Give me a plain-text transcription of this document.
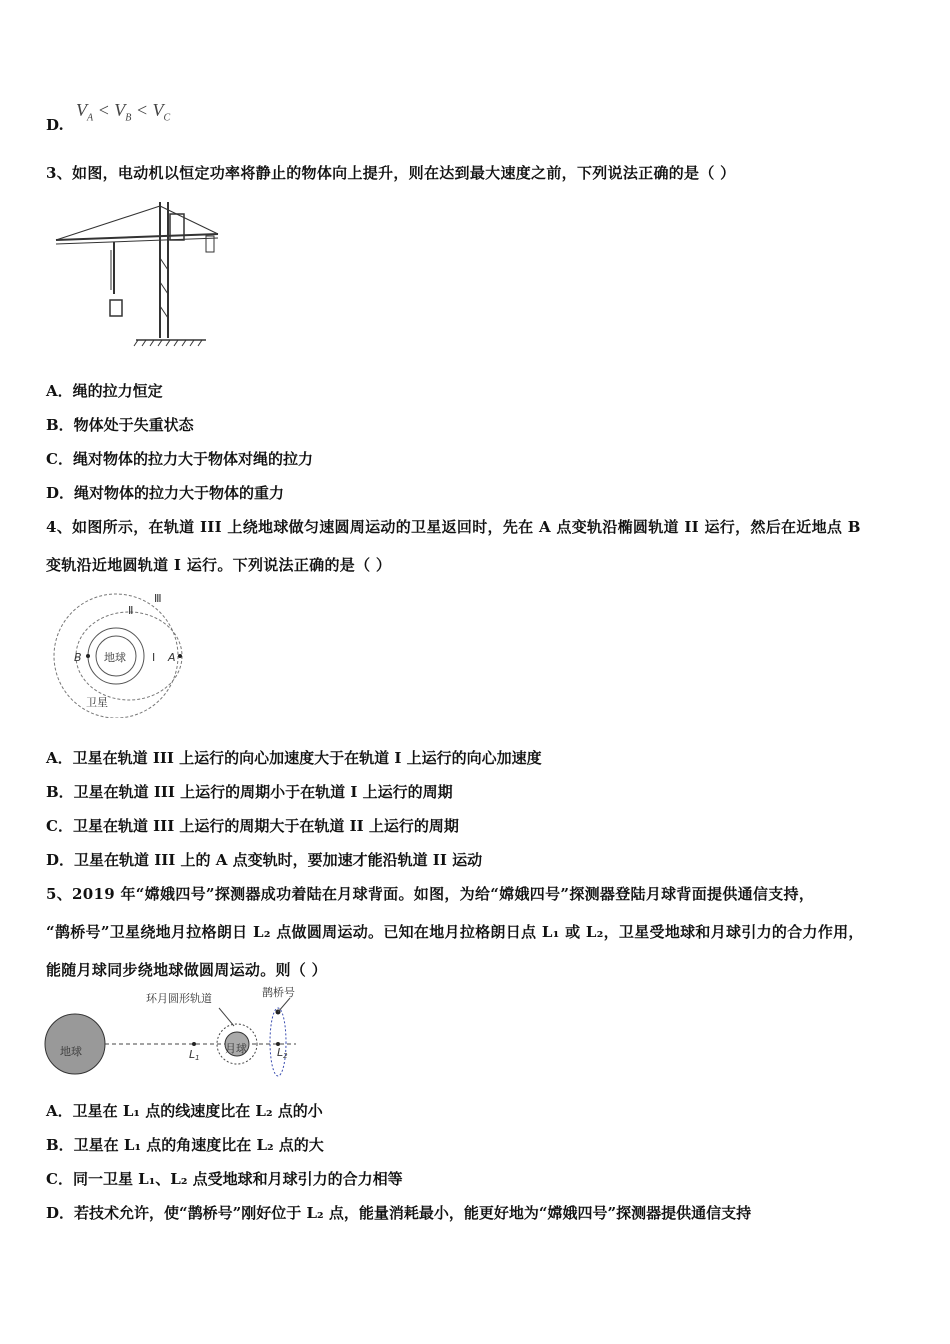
D.
$V_A < V_B < V_C$
3、如图，电动机以恒定功率将静止的物体向上提升，则在达到最大速度之前，下列说法正确的是（ ）
A．绳的拉力恒定
B．物体处于失重状态
C．绳对物体的拉力大于物体对绳的拉力
D．绳对物体的拉力大于物体的重力
4、如图所示，在轨道 III 上绕地球做匀速圆周运动的卫星返回时，先在 A 点变轨沿椭圆轨道 II 运行，然后在近地点 B
变轨沿近地圆轨道 I 运行。下列说法正确的是（ ）
地球
B	A
Ⅰ
Ⅱ
Ⅲ
卫星
A．卫星在轨道 III 上运行的向心加速度大于在轨道 I 上运行的向心加速度
B．卫星在轨道 III 上运行的周期小于在轨道 I 上运行的周期
C．卫星在轨道 III 上运行的周期大于在轨道 II 上运行的周期
D．卫星在轨道 III 上的 A 点变轨时，要加速才能沿轨道 II 运动
5、2019 年“嫦娥四号”探测器成功着陆在月球背面。如图，为给“嫦娥四号”探测器登陆月球背面提供通信支持，
“鹊桥号”卫星绕地月拉格朗日 L₂ 点做圆周运动。已知在地月拉格朗日点 L₁ 或 L₂，卫星受地球和月球引力的合力作用，
能随月球同步绕地球做圆周运动。则（ ）
地球	L1
月球
环月圆形轨道
L2
鹊桥号
A．卫星在 L₁ 点的线速度比在 L₂ 点的小
B．卫星在 L₁ 点的角速度比在 L₂ 点的大
C．同一卫星 L₁、L₂ 点受地球和月球引力的合力相等
D．若技术允许，使“鹊桥号”刚好位于 L₂ 点，能量消耗最小，能更好地为“嫦娥四号”探测器提供通信支持
